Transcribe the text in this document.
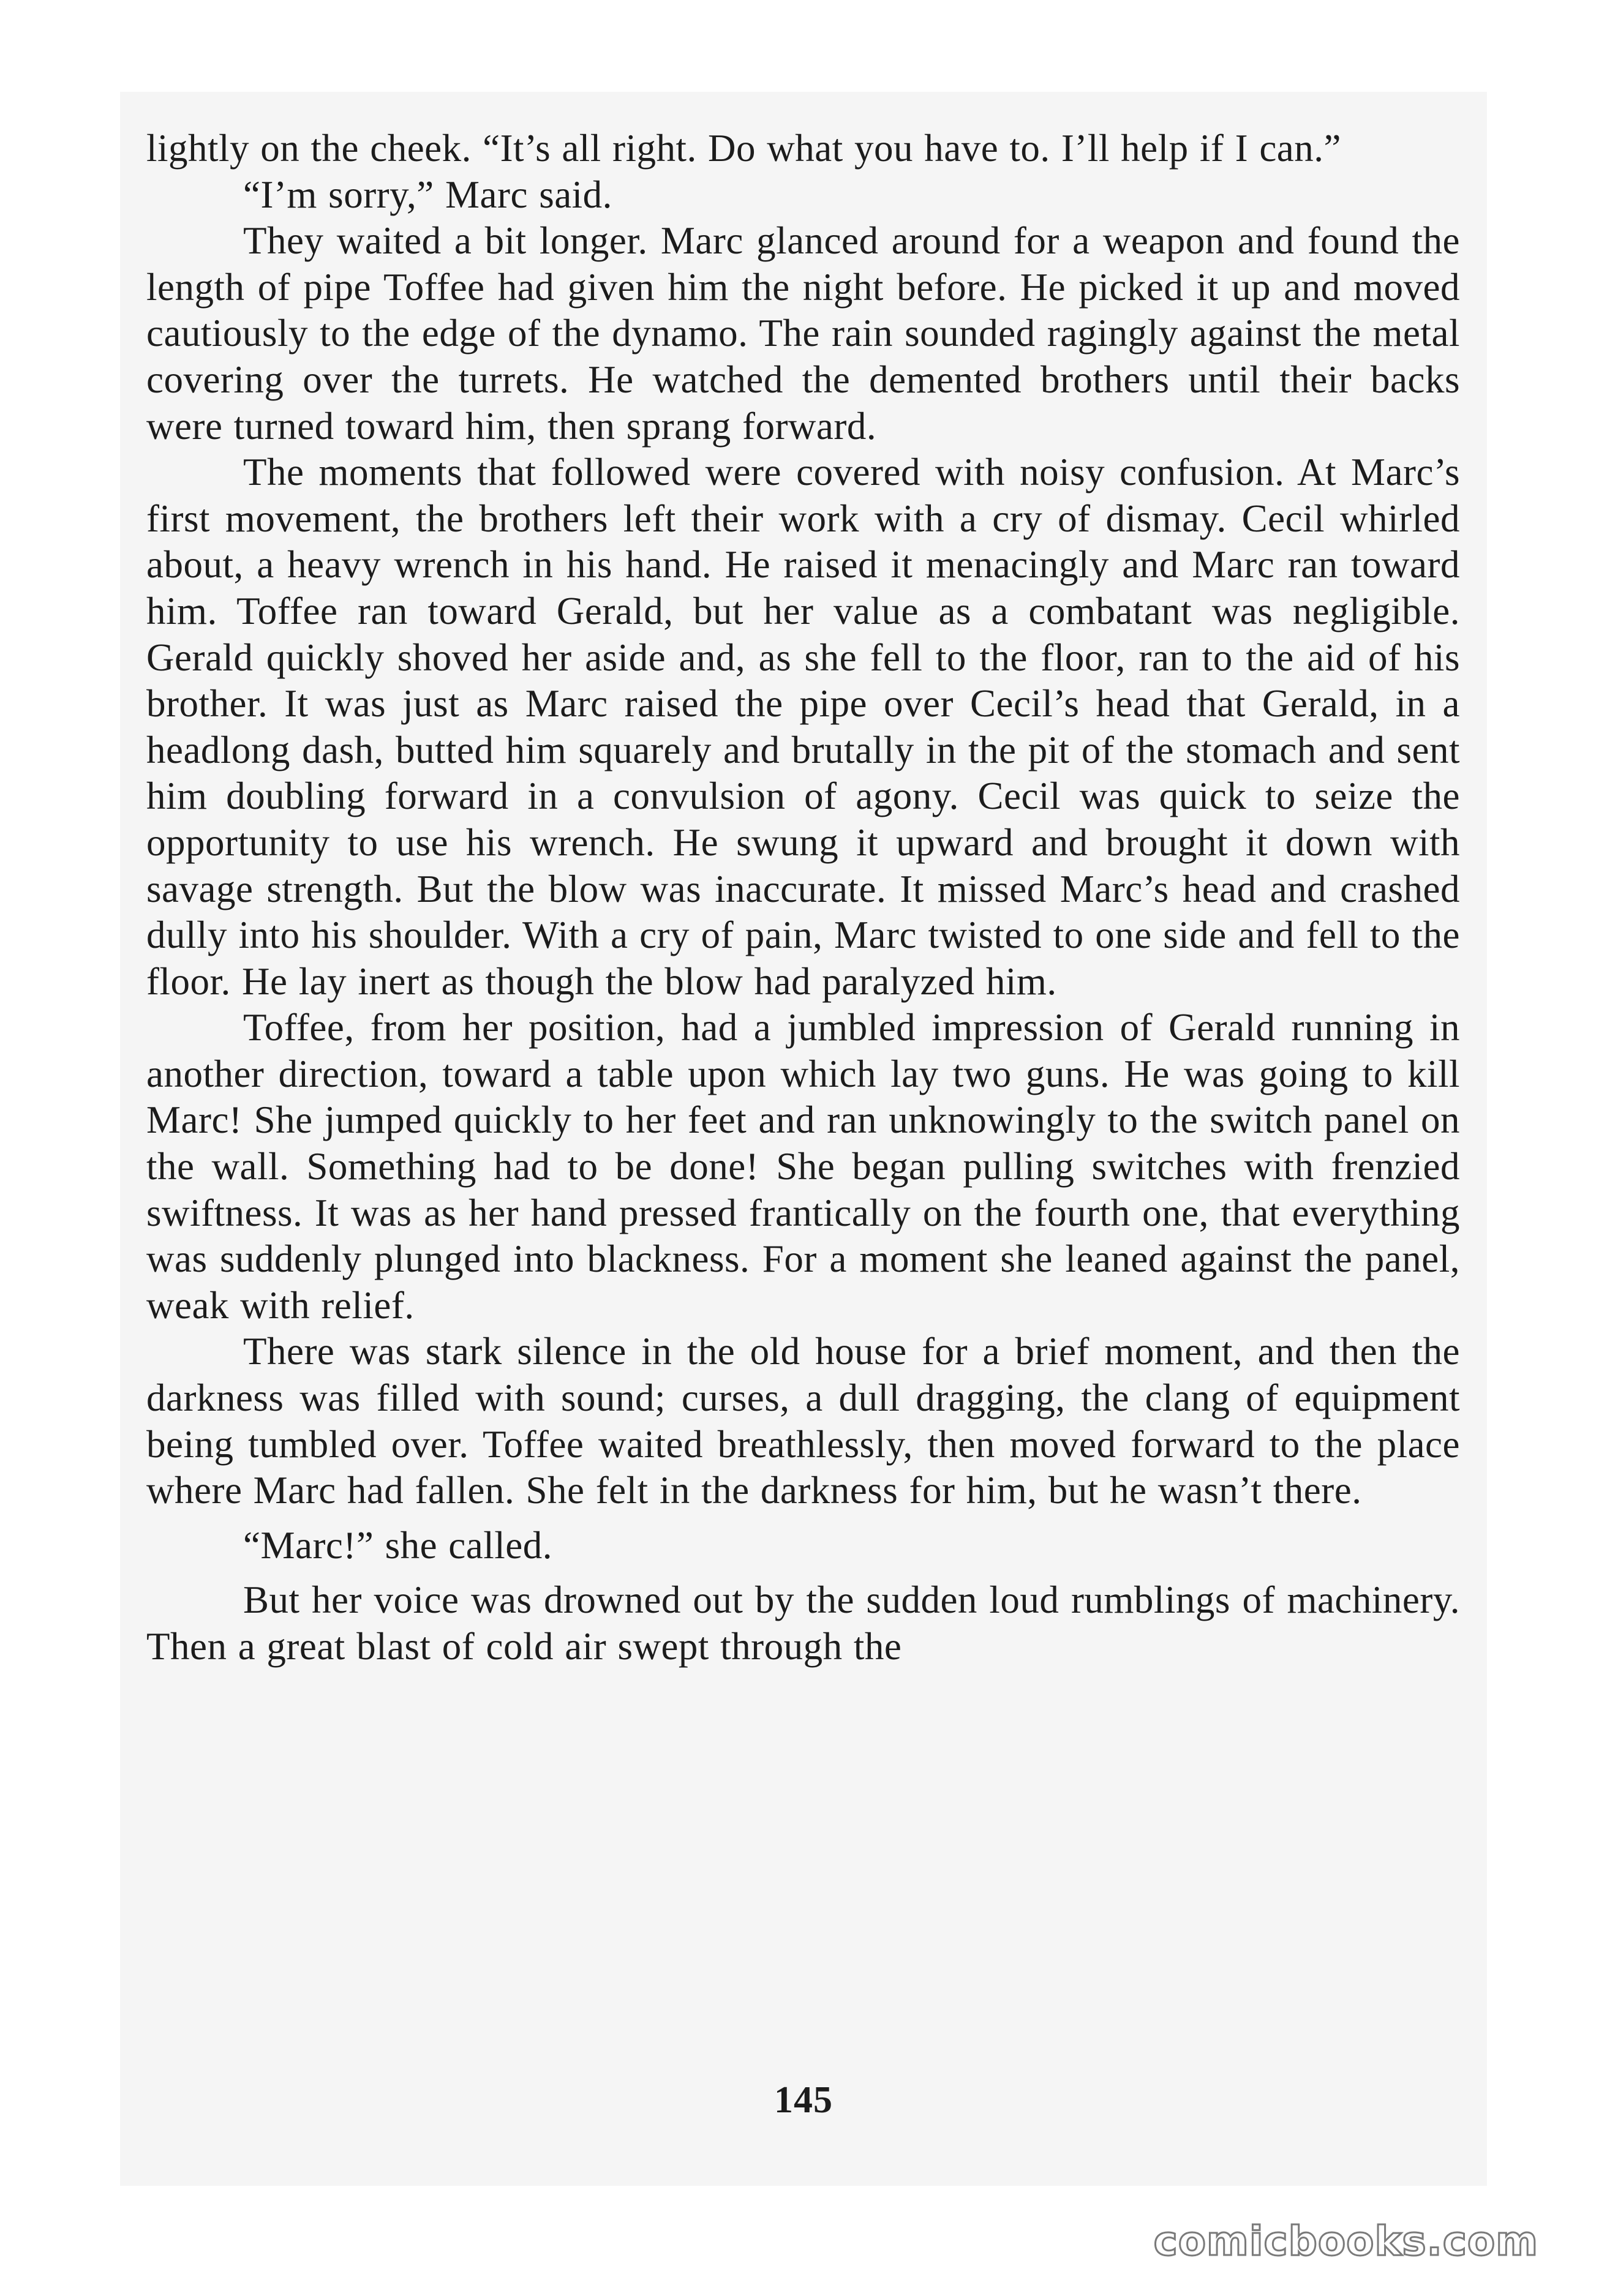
lightly on the cheek. “It’s all right. Do what you have to. I’ll help if I can.”

“I’m sorry,” Marc said.

They waited a bit longer. Marc glanced around for a weapon and found the length of pipe Toffee had given him the night before. He picked it up and moved cautiously to the edge of the dynamo. The rain sounded ragingly against the metal covering over the turrets. He watched the demented brothers until their backs were turned toward him, then sprang forward.

The moments that followed were covered with noisy confusion. At Marc’s first movement, the brothers left their work with a cry of dismay. Cecil whirled about, a heavy wrench in his hand. He raised it menacingly and Marc ran toward him. Toffee ran toward Gerald, but her value as a combatant was negligible. Gerald quickly shoved her aside and, as she fell to the floor, ran to the aid of his brother. It was just as Marc raised the pipe over Cecil’s head that Gerald, in a headlong dash, butted him squarely and brutally in the pit of the stomach and sent him doubling forward in a convulsion of agony. Cecil was quick to seize the opportunity to use his wrench. He swung it upward and brought it down with savage strength. But the blow was inaccurate. It missed Marc’s head and crashed dully into his shoulder. With a cry of pain, Marc twisted to one side and fell to the floor. He lay inert as though the blow had paralyzed him.

Toffee, from her position, had a jumbled impression of Gerald running in another direction, toward a table upon which lay two guns. He was going to kill Marc! She jumped quickly to her feet and ran unknowingly to the switch panel on the wall. Something had to be done! She began pulling switches with frenzied swiftness. It was as her hand pressed frantically on the fourth one, that everything was suddenly plunged into blackness. For a moment she leaned against the panel, weak with relief.

There was stark silence in the old house for a brief moment, and then the darkness was filled with sound; curses, a dull dragging, the clang of equipment being tumbled over. Toffee waited breathlessly, then moved forward to the place where Marc had fallen. She felt in the darkness for him, but he wasn’t there.

“Marc!” she called.

But her voice was drowned out by the sudden loud rumblings of machinery. Then a great blast of cold air swept through the

145
comicbooks.com
